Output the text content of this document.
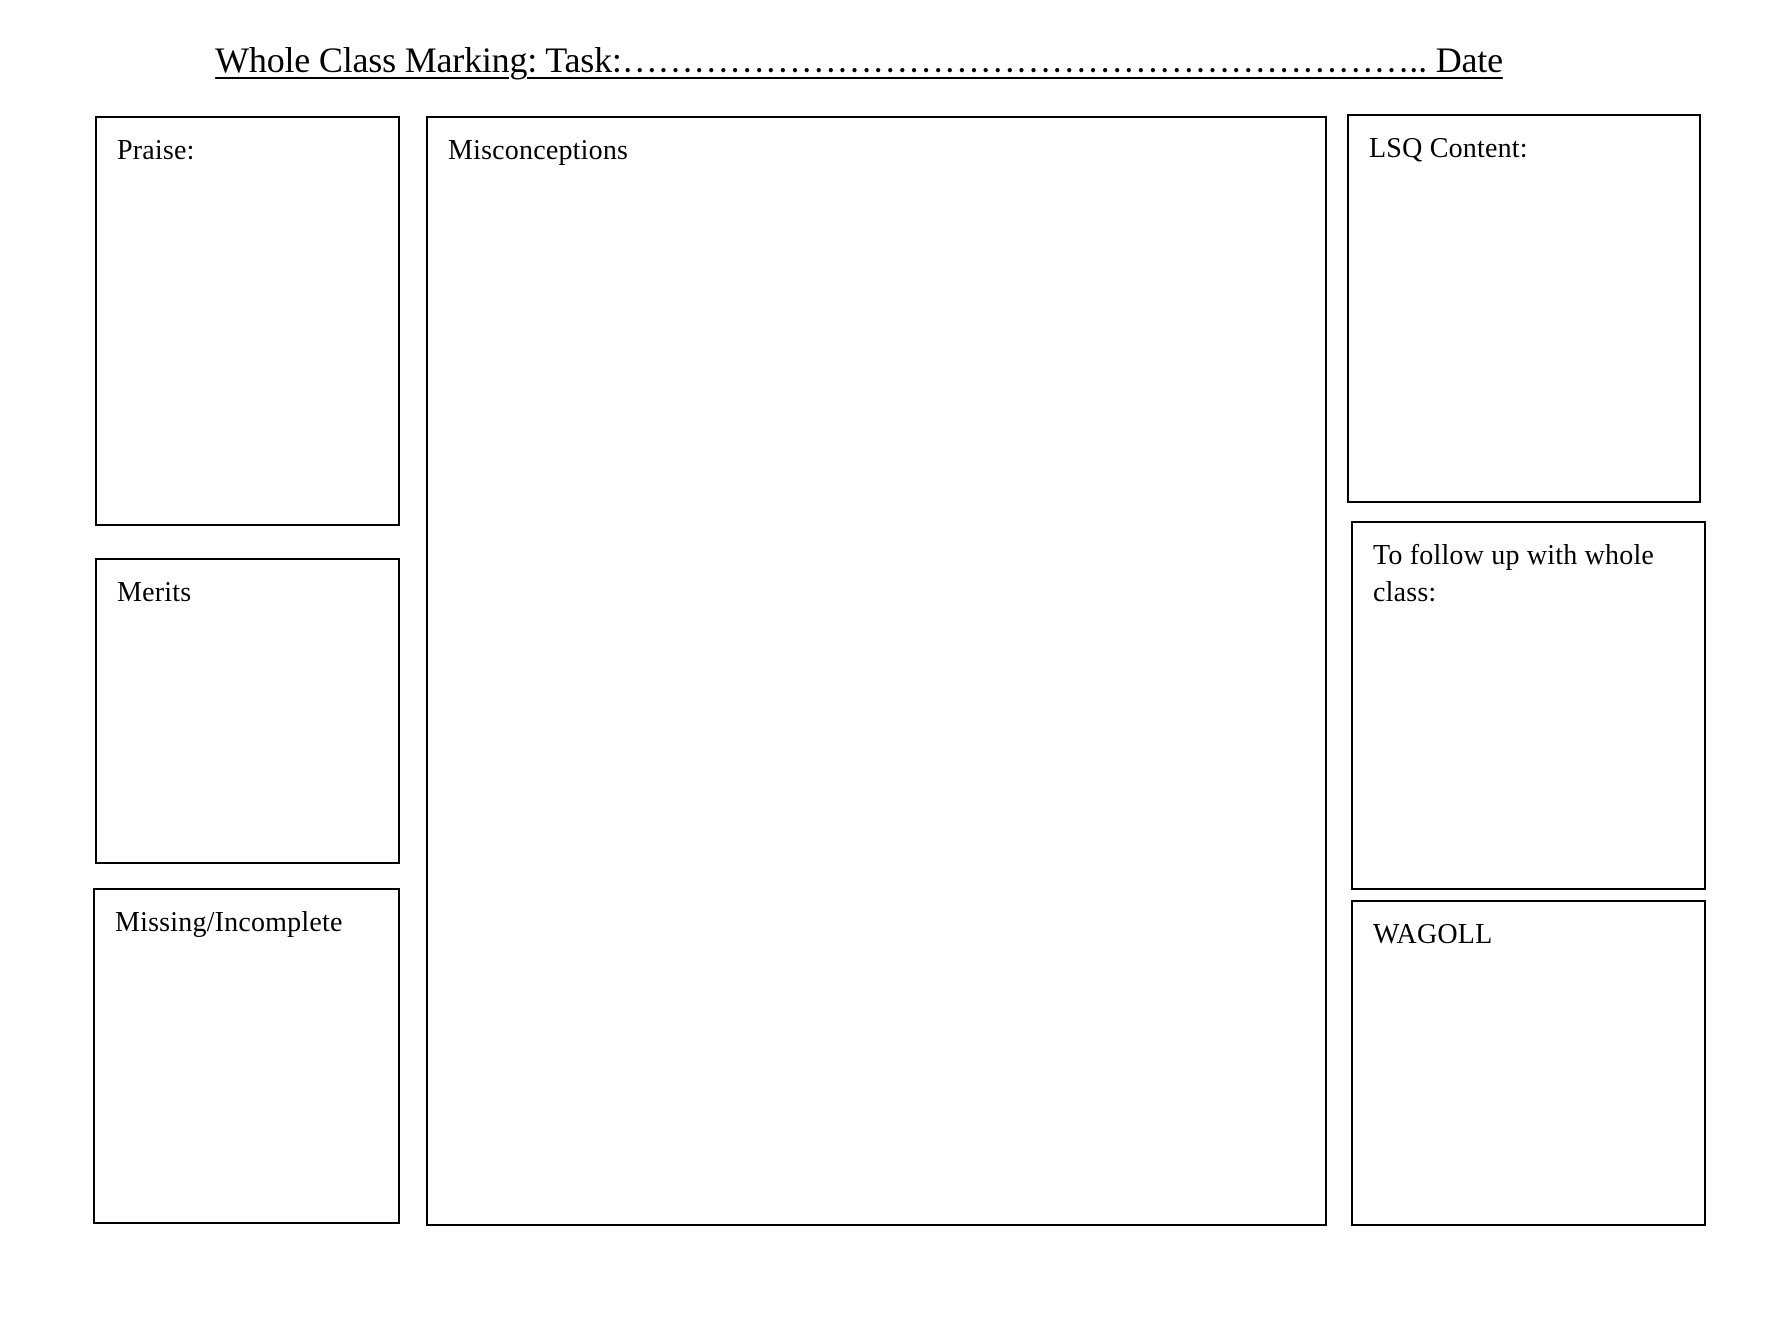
Whole Class Marking: Task:………………………………………………………….. Date
Praise:
Merits
Missing/Incomplete
Misconceptions	LSQ Content:
To follow up with whole class:
WAGOLL
